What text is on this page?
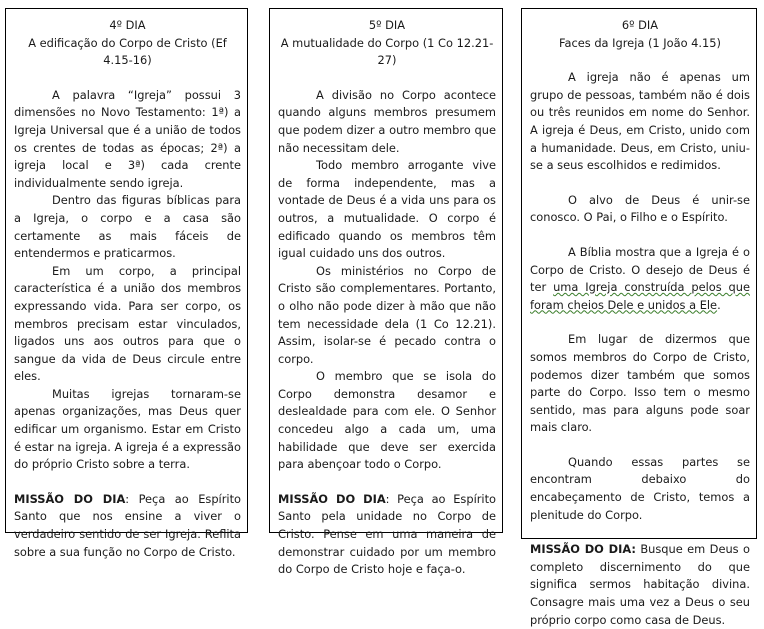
4º DIA
A edificação do Corpo de Cristo (Ef 4.15-16)

A palavra “Igreja” possui 3 dimensões no Novo Testamento: 1ª) a Igreja Universal que é a união de todos os crentes de todas as épocas; 2ª) a igreja local e 3ª) cada crente individualmente sendo igreja.

Dentro das figuras bíblicas para a Igreja, o corpo e a casa são certamente as mais fáceis de entendermos e praticarmos.

Em um corpo, a principal característica é a união dos membros expressando vida. Para ser corpo, os membros precisam estar vinculados, ligados uns aos outros para que o sangue da vida de Deus circule entre eles.

Muitas igrejas tornaram-se apenas organizações, mas Deus quer edificar um organismo. Estar em Cristo é estar na igreja. A igreja é a expressão do próprio Cristo sobre a terra.

MISSÃO DO DIA: Peça ao Espírito Santo que nos ensine a viver o verdadeiro sentido de ser Igreja. Reflita sobre a sua função no Corpo de Cristo.

5º DIA
A mutualidade do Corpo (1 Co 12.21-27)

A divisão no Corpo acontece quando alguns membros presumem que podem dizer a outro membro que não necessitam dele.

Todo membro arrogante vive de forma independente, mas a vontade de Deus é a vida uns para os outros, a mutualidade. O corpo é edificado quando os membros têm igual cuidado uns dos outros.

Os ministérios no Corpo de Cristo são complementares. Portanto, o olho não pode dizer à mão que não tem necessidade dela (1 Co 12.21). Assim, isolar-se é pecado contra o corpo.

O membro que se isola do Corpo demonstra desamor e deslealdade para com ele. O Senhor concedeu algo a cada um, uma habilidade que deve ser exercida para abençoar todo o Corpo.

MISSÃO DO DIA: Peça ao Espírito Santo pela unidade no Corpo de Cristo. Pense em uma maneira de demonstrar cuidado por um membro do Corpo de Cristo hoje e faça-o.

6º DIA
Faces da Igreja (1 João 4.15)

A igreja não é apenas um grupo de pessoas, também não é dois ou três reunidos em nome do Senhor. A igreja é Deus, em Cristo, unido com a humanidade. Deus, em Cristo, uniu-se a seus escolhidos e redimidos.

O alvo de Deus é unir-se conosco. O Pai, o Filho e o Espírito.

A Bíblia mostra que a Igreja é o Corpo de Cristo. O desejo de Deus é ter uma Igreja construída pelos que foram cheios Dele e unidos a Ele.

Em lugar de dizermos que somos membros do Corpo de Cristo, podemos dizer também que somos parte do Corpo. Isso tem o mesmo sentido, mas para alguns pode soar mais claro.

Quando essas partes se encontram debaixo do encabeçamento de Cristo, temos a plenitude do Corpo.

MISSÃO DO DIA: Busque em Deus o completo discernimento do que significa sermos habitação divina. Consagre mais uma vez a Deus o seu próprio corpo como casa de Deus.
